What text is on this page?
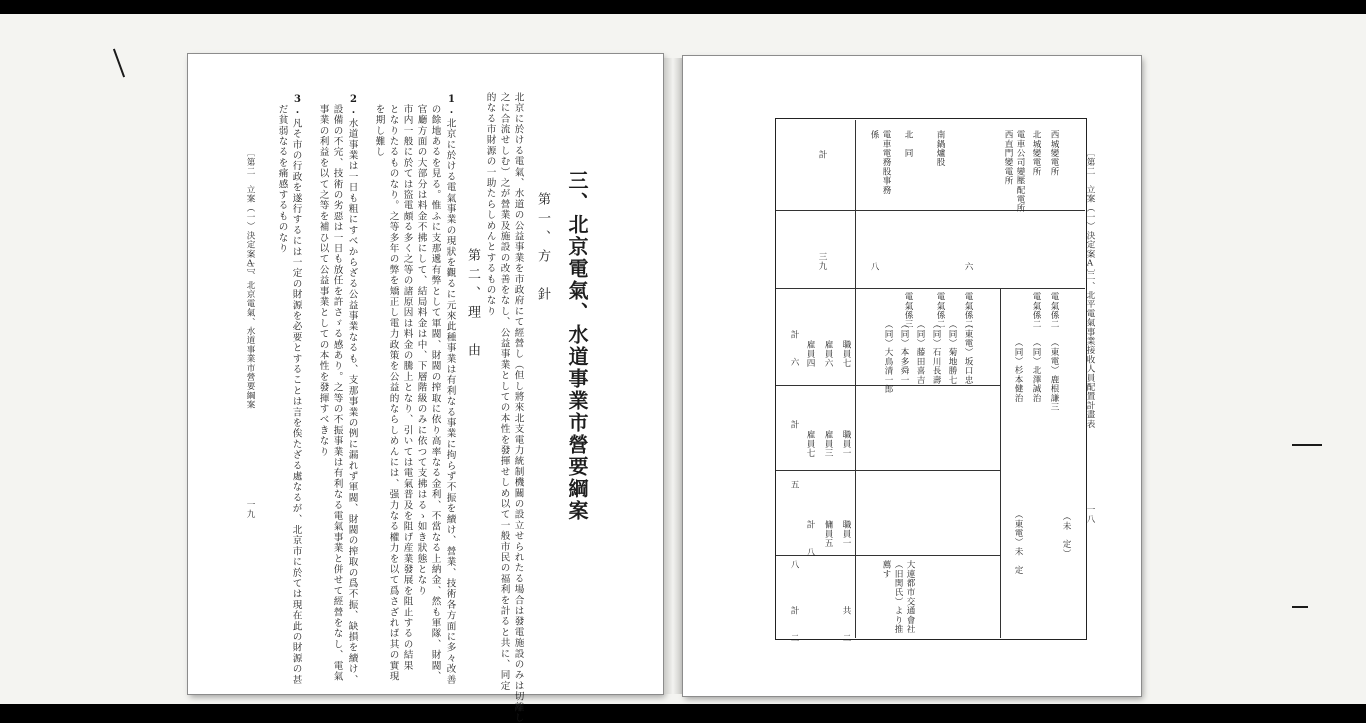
三、北京電氣、水道事業市營要綱案
第一、方　針
北京に於ける電氣、水道の公益事業を市政府にて經營し（但し將來北支電力統制機關の設立せられたる場合は發電施設のみは切離し
之に合流せしむ）之が營業及施設の改善をなし、公益事業としての本性を發揮せしめ以て一般市民の福利を計ると共に、同定
的なる市財源の一助たらしめんとするものなり
第二、理　由
1.
北京に於ける電氣事業の現狀を觀るに元來此種事業は有利なる事業に拘らず不振を續け、營業、技術各方面に多々改善
の餘地あるを見る。惟ふに支那遞有弊として軍閥、財閥の搾取に依り高率なる金利、不當なる上納金、然も軍隊、財閥、
官廳方面の大部分は料金不拂にして、結局料金は中、下層階級のみに依つて支拂はるゝ如き狀態となり
市内一般に於ては盜電頗る多く之等の諸原因は料金の騰上となり、引いては電氣普及を阻げ産業發展を阻止するの結果
となりたるものなり。之等多年の弊を矯正し電力政策を公益的ならしめんには、强力なる權力を以て爲さざれば其の實現
を期し難し
2.
水道事業は一日も粗にすべからざる公益事業なるも、支那事業の例に漏れず軍閥、財閥の搾取の爲不振、缺損を續け、
設備の不完、技術の劣惡は一日も放任を許さゞる感あり。之等の不振事業は有利なる電氣事業と併せて經營をなし、電氣
事業の利益を以て之等を補ひ以て公益事業としての本性を發揮すべきなり
3.
凡そ市の行政を遂行するには一定の財源を必要とすることは言を俟たざる處なるが、北京市に於ては現在此の財源の甚
だ貧弱なるを痛感するものなり
〔第二　立案（一）決定案A〕
三、北京電氣、水道事業市營要綱案
一九
〔第二　立案（一）決定案A〕
二、北平電氣事業接收人員配置計畫表
一八
（未　定）
西城變電所
北城變電所
電車公司變壓配電所西直門變電所
南鍋爐股
北　同
電車電務股事務係
計
六
八
三九
電氣係二
電氣係二
電氣係二
電氣係二
電氣係三
（東電）鹿根謙三
（同）北澤誠治
（同）杉本健治
（東電）坂口忠
（同）菊地勝七
（同）石川長壽
（同）藤田喜吉
（同）本多舜一
（同）大鳥清一郎
（東電）未　定
職員七
職員一
職員一
雇員六
雇員三
雇員四
雇員七
計　　六
計
五
八
共　　二
傭員五
計　　八
計　　二	大連都市交通會社（旧関氏）より推薦す
